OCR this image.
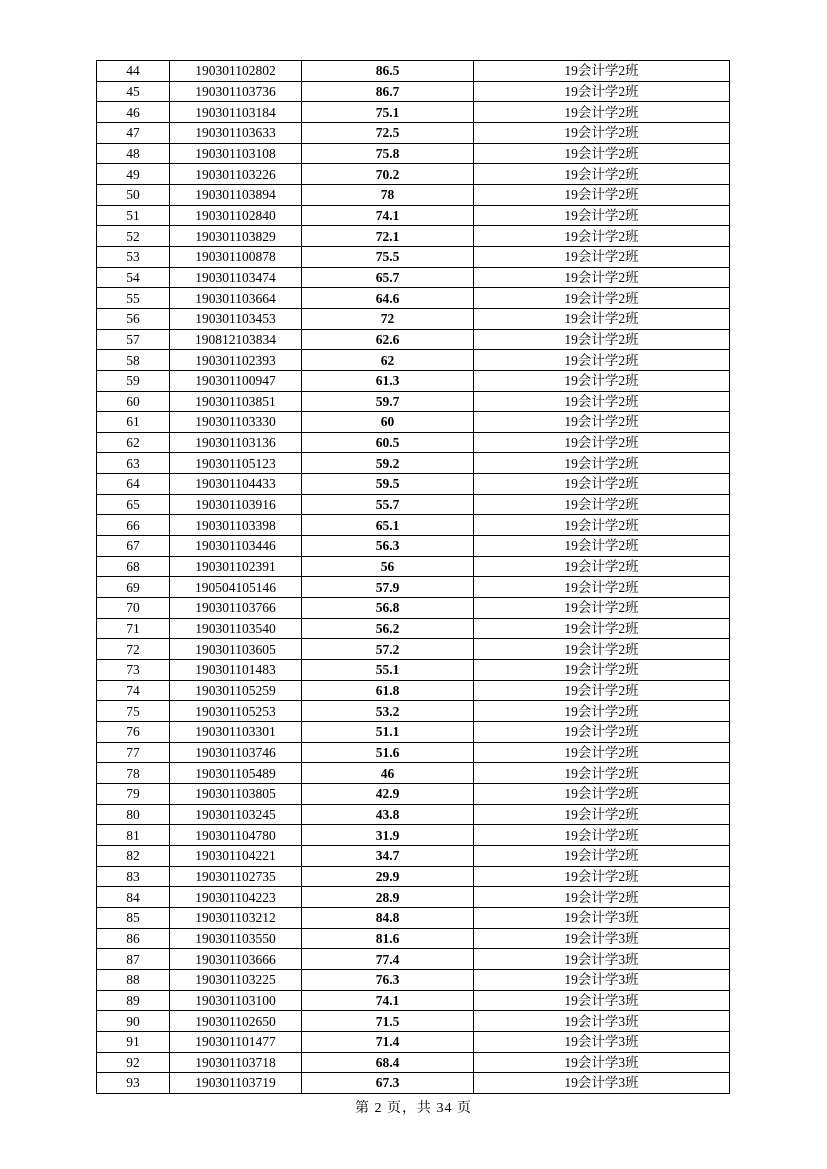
44	190301102802	86.5	19会计学2班
45	190301103736	86.7	19会计学2班
46	190301103184	75.1	19会计学2班
47	190301103633	72.5	19会计学2班
48	190301103108	75.8	19会计学2班
49	190301103226	70.2	19会计学2班
50	190301103894	78	19会计学2班
51	190301102840	74.1	19会计学2班
52	190301103829	72.1	19会计学2班
53	190301100878	75.5	19会计学2班
54	190301103474	65.7	19会计学2班
55	190301103664	64.6	19会计学2班
56	190301103453	72	19会计学2班
57	190812103834	62.6	19会计学2班
58	190301102393	62	19会计学2班
59	190301100947	61.3	19会计学2班
60	190301103851	59.7	19会计学2班
61	190301103330	60	19会计学2班
62	190301103136	60.5	19会计学2班
63	190301105123	59.2	19会计学2班
64	190301104433	59.5	19会计学2班
65	190301103916	55.7	19会计学2班
66	190301103398	65.1	19会计学2班
67	190301103446	56.3	19会计学2班
68	190301102391	56	19会计学2班
69	190504105146	57.9	19会计学2班
70	190301103766	56.8	19会计学2班
71	190301103540	56.2	19会计学2班
72	190301103605	57.2	19会计学2班
73	190301101483	55.1	19会计学2班
74	190301105259	61.8	19会计学2班
75	190301105253	53.2	19会计学2班
76	190301103301	51.1	19会计学2班
77	190301103746	51.6	19会计学2班
78	190301105489	46	19会计学2班
79	190301103805	42.9	19会计学2班
80	190301103245	43.8	19会计学2班
81	190301104780	31.9	19会计学2班
82	190301104221	34.7	19会计学2班
83	190301102735	29.9	19会计学2班
84	190301104223	28.9	19会计学2班
85	190301103212	84.8	19会计学3班
86	190301103550	81.6	19会计学3班
87	190301103666	77.4	19会计学3班
88	190301103225	76.3	19会计学3班
89	190301103100	74.1	19会计学3班
90	190301102650	71.5	19会计学3班
91	190301101477	71.4	19会计学3班
92	190301103718	68.4	19会计学3班
93	190301103719	67.3	19会计学3班
第 2 页，共 34 页
